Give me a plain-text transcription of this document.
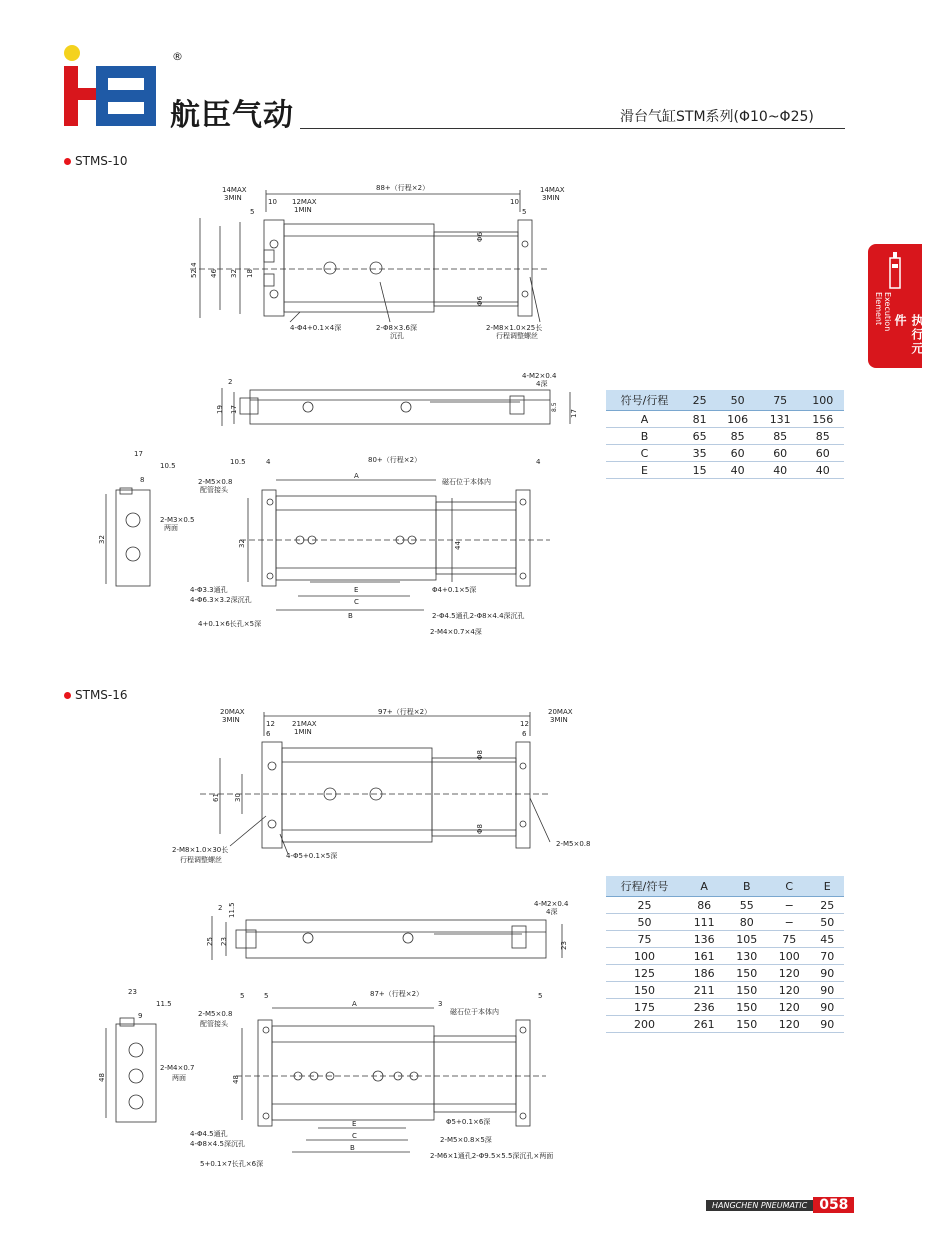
®
航臣气动	滑台气缸STM系列(Φ10~Φ25)
Execution Element
执行元件
STMS-10
14MAX
3MIN
88+（行程×2）	14MAX
3MIN
10
5
12MAX
1MIN
10
5
52.4 46 32 18
Φ6
Φ6
4-Φ4+0.1×4深	2-Φ8×3.6深
沉孔
2-M8×1.0×25长
行程调整螺丝
2
19 17
4-M2×0.4
4深
8.5
17
17
10.5
8
2-M3×0.5
两面
32
10.5	4	80+（行程×2）	4
2-M5×0.8
配管接头
A
磁石位于本体内
32	44
Φ4+0.1×5深
4-Φ3.3通孔
4-Φ6.3×3.2深沉孔
E
C
B	2-Φ4.5通孔2-Φ8×4.4深沉孔
4+0.1×6长孔×5深
2-M4×0.7×4深
符号/行程	25	50	75	100
A	81	106	131	156
B	65	85	85	85
C	35	60	60	60
E	15	40	40	40
STMS-16
20MAX
3MIN
97+（行程×2）	20MAX
3MIN
12
6
21MAX
1MIN
12
6
61 30
Φ8
Φ8
2-M8×1.0×30长
行程调整螺丝	4-Φ5+0.1×5深
2-M5×0.8
2 11.5
25 23
4-M2×0.4
4深
23
23
11.5
9
2-M4×0.7
两面
48
5	5	87+（行程×2）	5
2-M5×0.8
配管接头
A	3
磁石位于本体内
48
Φ5+0.1×6深
4-Φ4.5通孔
4-Φ8×4.5深沉孔
E
C
B
2-M5×0.8×5深
2-M6×1通孔2-Φ9.5×5.5深沉孔×两面
5+0.1×7长孔×6深
行程/符号	A	B	C	E
25	86	55	−	25
50	111	80	−	50
75	136	105	75	45
100	161	130	100	70
125	186	150	120	90
150	211	150	120	90
175	236	150	120	90
200	261	150	120	90
HANGCHEN PNEUMATIC 058
